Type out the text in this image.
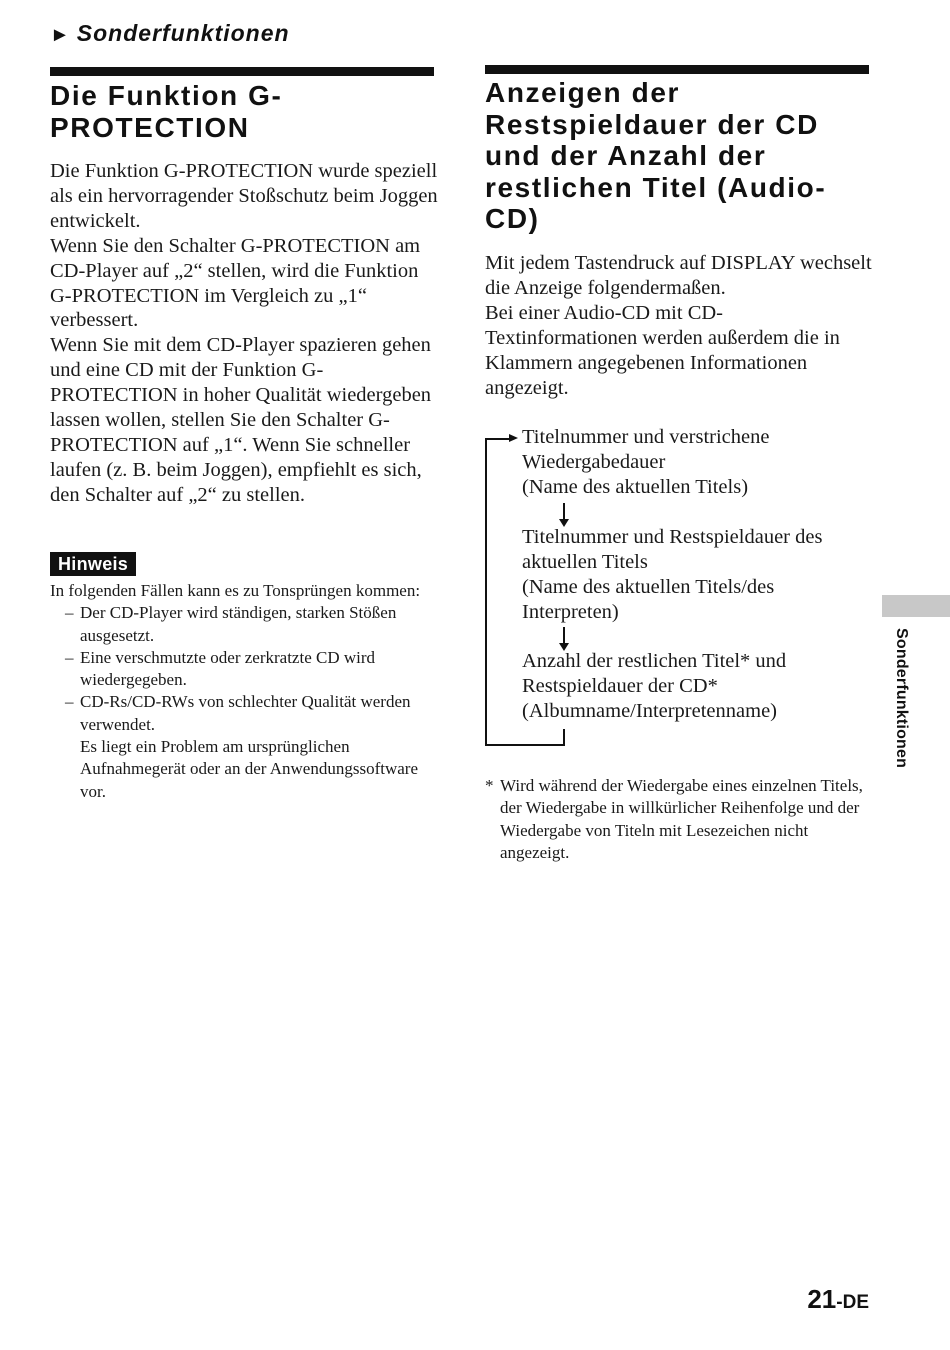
► Sonderfunktionen
Die Funktion G-
PROTECTION

Die Funktion G-PROTECTION wurde speziell als ein hervorragender Stoßschutz beim Joggen entwickelt.

Wenn Sie den Schalter G-PROTECTION am CD-Player auf „2“ stellen, wird die Funktion G-PROTECTION im Vergleich zu „1“ verbessert.

Wenn Sie mit dem CD-Player spazieren gehen und eine CD mit der Funktion G-PROTECTION in hoher Qualität wiedergeben lassen wollen, stellen Sie den Schalter G-PROTECTION auf „1“. Wenn Sie schneller laufen (z. B. beim Joggen), empfiehlt es sich, den Schalter auf „2“ zu stellen.

Hinweis
In folgenden Fällen kann es zu Tonsprüngen kommen:
– Der CD-Player wird ständigen, starken Stößen ausgesetzt.
– Eine verschmutzte oder zerkratzte CD wird wiedergegeben.
– CD-Rs/CD-RWs von schlechter Qualität werden verwendet.
Es liegt ein Problem am ursprünglichen Aufnahmegerät oder an der Anwendungssoftware vor.
Anzeigen der
Restspieldauer der CD
und der Anzahl der
restlichen Titel (Audio-
CD)

Mit jedem Tastendruck auf DISPLAY wechselt die Anzeige folgendermaßen.

Bei einer Audio-CD mit CD-Textinformationen werden außerdem die in Klammern angegebenen Informationen angezeigt.

Titelnummer und verstrichene
Wiedergabedauer
(Name des aktuellen Titels)
Titelnummer und Restspieldauer des
aktuellen Titels
(Name des aktuellen Titels/des
Interpreten)
Anzahl der restlichen Titel* und
Restspieldauer der CD*
(Albumname/Interpretenname)
* Wird während der Wiedergabe eines einzelnen Titels, der Wiedergabe in willkürlicher Reihenfolge und der Wiedergabe von Titeln mit Lesezeichen nicht angezeigt.
Sonderfunktionen
21-DE
